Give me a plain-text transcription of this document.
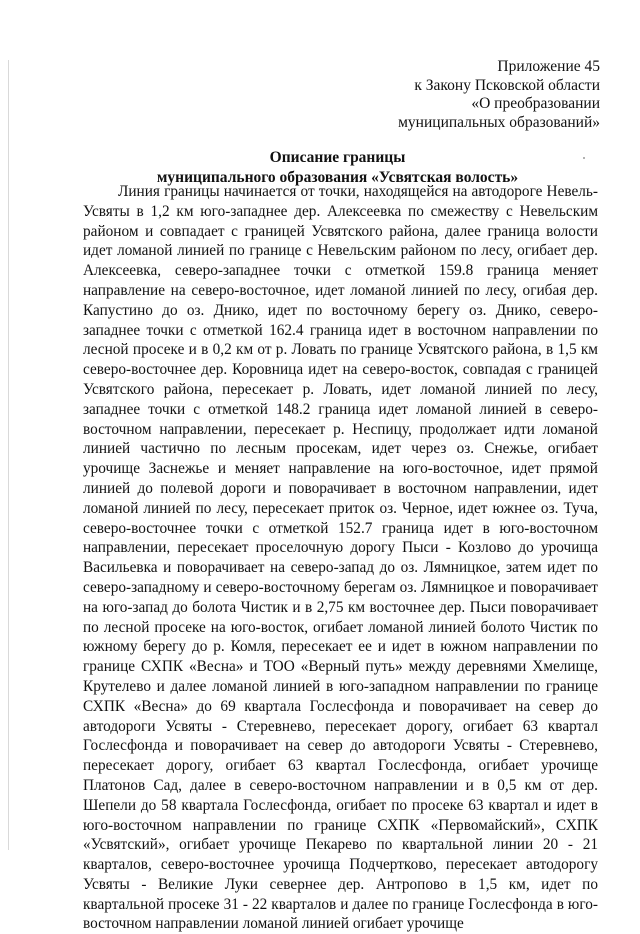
Приложение 45
к Закону Псковской области
«О преобразовании
муниципальных образований»
Описание границы
муниципального образования «Усвятская волость»

Линия границы начинается от точки, находящейся на автодороге Невель-Усвяты в 1,2 км юго-западнее дер. Алексеевка по смежеству с Невельским районом и совпадает с границей Усвятского района, далее граница волости идет ломаной линией по границе с Невельским районом по лесу, огибает дер. Алексеевка, северо-западнее точки с отметкой 159.8 граница меняет направление на северо-восточное, идет ломаной линией по лесу, огибая дер. Капустино до оз. Днико, идет по восточному берегу оз. Днико, северо-западнее точки с отметкой 162.4 граница идет в восточном направлении по лесной просеке и в 0,2 км от р. Ловать по границе Усвятского района, в 1,5 км северо-восточнее дер. Коровница идет на северо-восток, совпадая с границей Усвятского района, пересекает р. Ловать, идет ломаной линией по лесу, западнее точки с отметкой 148.2 граница идет ломаной линией в северо-восточном направлении, пересекает р. Неспицу, продолжает идти ломаной линией частично по лесным просекам, идет через оз. Снежье, огибает урочище Заснежье и меняет направление на юго-восточное, идет прямой линией до полевой дороги и поворачивает в восточном направлении, идет ломаной линией по лесу, пересекает приток оз. Черное, идет южнее оз. Туча, северо-восточнее точки с отметкой 152.7 граница идет в юго-восточном направлении, пересекает проселочную дорогу Пыси - Козлово до урочища Васильевка и поворачивает на северо-запад до оз. Лямницкое, затем идет по северо-западному и северо-восточному берегам оз. Лямницкое и поворачивает на юго-запад до болота Чистик и в 2,75 км восточнее дер. Пыси поворачивает по лесной просеке на юго-восток, огибает ломаной линией болото Чистик по южному берегу до р. Комля, пересекает ее и идет в южном направлении по границе СХПК «Весна» и ТОО «Верный путь» между деревнями Хмелище, Крутелево и далее ломаной линией в юго-западном направлении по границе СХПК «Весна» до 69 квартала Гослесфонда и поворачивает на север до автодороги Усвяты - Стеревнево, пересекает дорогу, огибает 63 квартал Гослесфонда и поворачивает на север до автодороги Усвяты - Стеревнево, пересекает дорогу, огибает 63 квартал Гослесфонда, огибает урочище Платонов Сад, далее в северо-восточном направлении и в 0,5 км от дер. Шепели до 58 квартала Гослесфонда, огибает по просеке 63 квартал и идет в юго-восточном направлении по границе СХПК «Первомайский», СХПК «Усвятский», огибает урочище Пекарево по квартальной линии 20 - 21 кварталов, северо-восточнее урочища Подчертково, пересекает автодорогу Усвяты - Великие Луки севернее дер. Антропово в 1,5 км, идет по квартальной просеке 31 - 22 кварталов и далее по границе Гослесфонда в юго-восточном направлении ломаной линией огибает урочище
